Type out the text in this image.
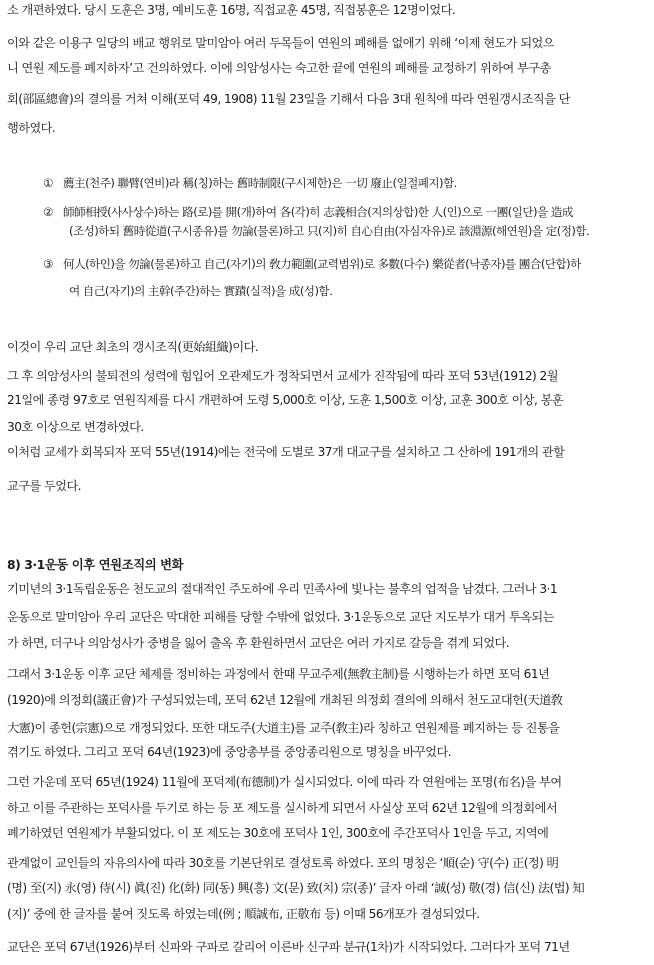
소 개편하였다. 당시 도훈은 3명, 예비도훈 16명, 직접교훈 45명, 직접봉훈은 12명이었다.
이와 같은 이용구 일당의 배교 행위로 말미암아 여러 두목들이 연원의 폐해를 없애기 위해 ‘이제 현도가 되었으
니 연원 제도를 폐지하자’고 건의하였다. 이에 의암성사는 숙고한 끝에 연원의 폐해를 교정하기 위하여 부구총
회(部區總會)의 결의를 거쳐 이해(포덕 49, 1908) 11월 23일을 기해서 다음 3대 원칙에 따라 연원갱시조직을 단
행하였다.
① 薦主(천주) 聯臂(연비)라 稱(칭)하는 舊時制限(구시제한)은 一切 廢止(일절폐지)함.
② 師師相授(사사상수)하는 路(로)를 開(개)하여 各(각)히 志義相合(지의상합)한 人(인)으로 一團(일단)을 造成
(조성)하되 舊時從道(구시종유)를 勿論(물론)하고 只(지)히 自心自由(자심자유)로 該淵源(해연원)을 定(정)함.
③ 何人(하인)을 勿論(물론)하고 自己(자기)의 敎力範圍(교력범위)로 多數(다수) 樂從者(낙종자)를 團合(단합)하
여 自己(자기)의 主幹(주간)하는 實蹟(실적)을 成(성)함.
이것이 우리 교단 최초의 갱시조직(更始組織)이다.
그 후 의암성사의 불퇴전의 성력에 힘입어 오관제도가 정착되면서 교세가 진작됨에 따라 포덕 53년(1912) 2월
21일에 종령 97호로 연원직제를 다시 개편하여 도령 5,000호 이상, 도훈 1,500호 이상, 교훈 300호 이상, 봉훈
30호 이상으로 변경하였다.
이처럼 교세가 회복되자 포덕 55년(1914)에는 전국에 도별로 37개 대교구를 설치하고 그 산하에 191개의 관할
교구를 두었다.
8) 3·1운동 이후 연원조직의 변화
기미년의 3·1독립운동은 천도교의 절대적인 주도하에 우리 민족사에 빛나는 불후의 업적을 남겼다. 그러나 3·1
운동으로 말미암아 우리 교단은 막대한 피해를 당할 수밖에 없었다. 3·1운동으로 교단 지도부가 대거 투옥되는
가 하면, 더구나 의암성사가 중병을 잃어 출옥 후 환원하면서 교단은 여러 가지로 갈등을 겪게 되었다.
그래서 3·1운동 이후 교단 체제를 정비하는 과정에서 한때 무교주제(無敎主制)를 시행하는가 하면 포덕 61년
(1920)에 의정회(議正會)가 구성되었는데, 포덕 62년 12월에 개최된 의정회 결의에 의해서 천도교대헌(天道敎
大憲)이 종헌(宗憲)으로 개정되었다. 또한 대도주(大道主)를 교주(敎主)라 칭하고 연원제를 폐지하는 등 진통을
겪기도 하였다. 그리고 포덕 64년(1923)에 중앙총부를 중앙종리원으로 명칭을 바꾸었다.
그런 가운데 포덕 65년(1924) 11월에 포덕제(布德制)가 실시되었다. 이에 따라 각 연원에는 포명(布名)을 부여
하고 이를 주관하는 포덕사를 두기로 하는 등 포 제도를 실시하게 되면서 사실상 포덕 62년 12월에 의정회에서
폐기하였던 연원제가 부활되었다. 이 포 제도는 30호에 포덕사 1인, 300호에 주간포덕사 1인을 두고, 지역에
관계없이 교인들의 자유의사에 따라 30호를 기본단위로 결성토록 하였다. 포의 명칭은 ‘順(순) 守(수) 正(정) 明
(명) 至(지) 永(영) 侍(시) 眞(진) 化(화) 同(동) 興(흥) 文(문) 致(치) 宗(종)’ 글자 아래 ‘誠(성) 敬(경) 信(신) 法(법) 知
(지)’ 중에 한 글자를 붙여 짓도록 하였는데(例 ; 順誠布, 正敬布 등) 이때 56개포가 결성되었다.
교단은 포덕 67년(1926)부터 신파와 구파로 갈리어 이른바 신구파 분규(1차)가 시작되었다. 그러다가 포덕 71년
